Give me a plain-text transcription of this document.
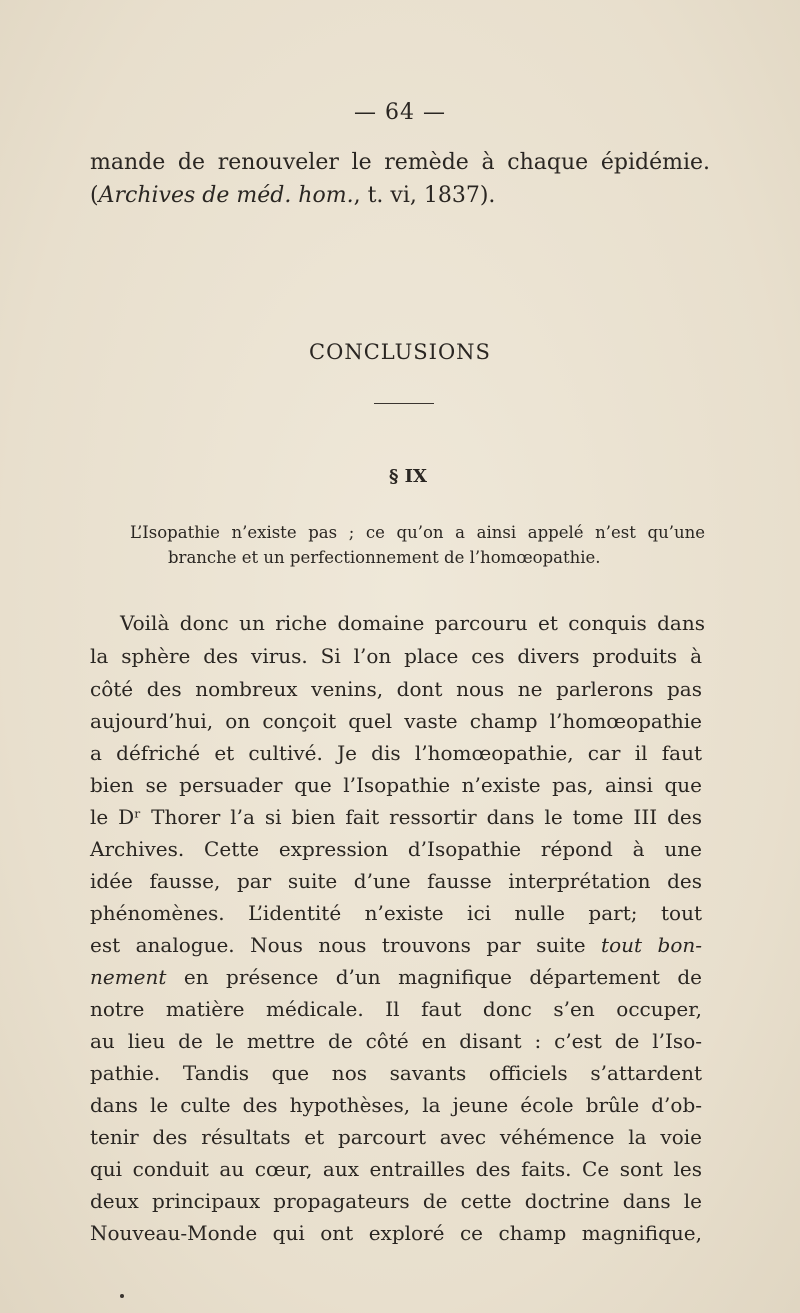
— 64 —
mande de renouveler le remède à chaque épidémie.
(Archives de méd. hom., t. vi, 1837).
CONCLUSIONS
§ IX
L’Isopathie n’existe pas ; ce qu’on a ainsi appelé n’est qu’une
branche et un perfectionnement de l’homœopathie.
Voilà donc un riche domaine parcouru et conquis dans
la sphère des virus. Si l’on place ces divers produits à
côté des nombreux venins, dont nous ne parlerons pas
aujourd’hui, on conçoit quel vaste champ l’homœopathie
a défriché et cultivé. Je dis l’homœopathie, car il faut
bien se persuader que l’Isopathie n’existe pas, ainsi que
le Dʳ Thorer l’a si bien fait ressortir dans le tome III des
Archives. Cette expression d’Isopathie répond à une
idée fausse, par suite d’une fausse interprétation des
phénomènes. L’identité n’existe ici nulle part; tout
est analogue. Nous nous trouvons par suite tout bon-
nement en présence d’un magnifique département de
notre matière médicale. Il faut donc s’en occuper,
au lieu de le mettre de côté en disant : c’est de l’Iso-
pathie. Tandis que nos savants officiels s’attardent
dans le culte des hypothèses, la jeune école brûle d’ob-
tenir des résultats et parcourt avec véhémence la voie
qui conduit au cœur, aux entrailles des faits. Ce sont les
deux principaux propagateurs de cette doctrine dans le
Nouveau-Monde qui ont exploré ce champ magnifique,
